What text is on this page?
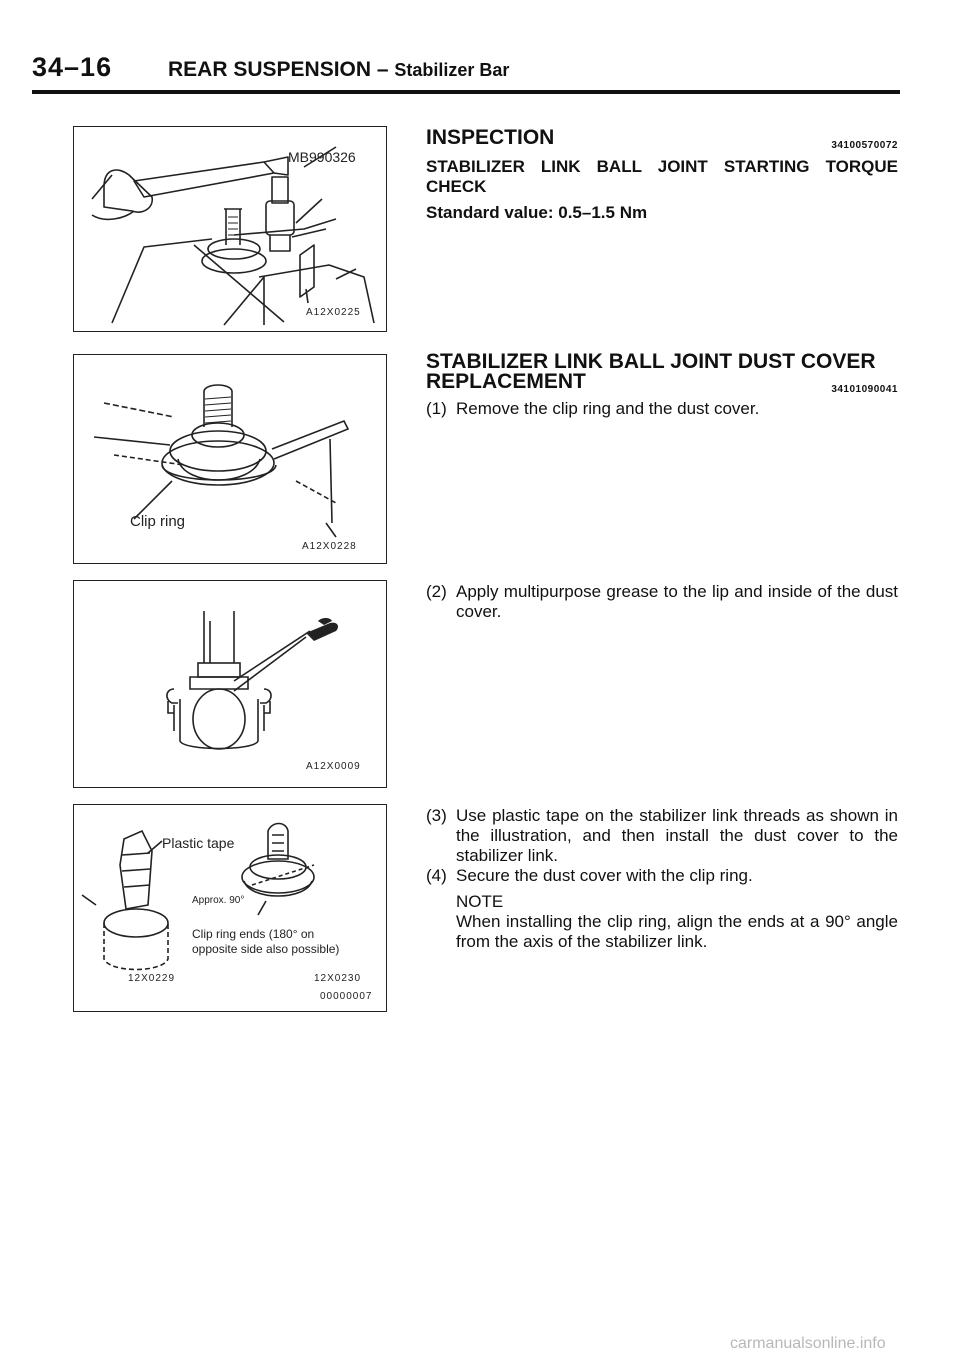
34–16	REAR SUSPENSION – Stabilizer Bar
MB990326
A12X0225
Clip ring
A12X0228
A12X0009
Plastic tape
Approx. 90°
Clip ring ends (180° on
opposite side also possible)
12X0229	12X0230
00000007
INSPECTION	34100570072
STABILIZER LINK BALL JOINT STARTING TORQUE CHECK
Standard value: 0.5–1.5 Nm
STABILIZER LINK BALL JOINT DUST COVER
REPLACEMENT	34101090041
(1) Remove the clip ring and the dust cover.
(2) Apply multipurpose grease to the lip and inside of the dust cover.
(3) Use plastic tape on the stabilizer link threads as shown in the illustration, and then install the dust cover to the stabilizer link.
(4) Secure the dust cover with the clip ring.
NOTE
When installing the clip ring, align the ends at a 90° angle from the axis of the stabilizer link.
carmanualsonline.info
